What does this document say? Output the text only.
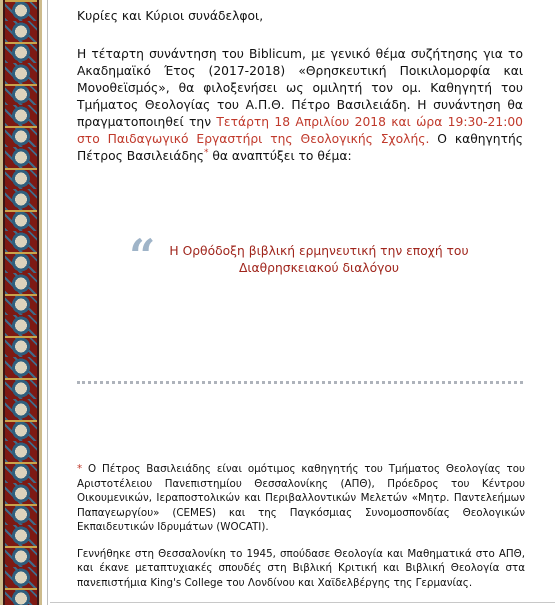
Κυρίες και Κύριοι συνάδελφοι,
Η τέταρτη συνάντηση του Biblicum, με γενικό θέμα συζήτησης για το Ακαδημαϊκό Έτος (2017-2018) «Θρησκευτική Ποικιλομορφία και Μονοθεϊσμός», θα φιλοξενήσει ως ομιλητή τον ομ. Καθηγητή του Τμήματος Θεολογίας του Α.Π.Θ. Πέτρο Βασιλειάδη. Η συνάντηση θα πραγματοποιηθεί την Τετάρτη 18 Απριλίου 2018 και ώρα 19:30-21:00 στο Παιδαγωγικό Εργαστήρι της Θεολογικής Σχολής. Ο καθηγητής Πέτρος Βασιλειάδης* θα αναπτύξει το θέμα:
“	Η Ορθόδοξη βιβλική ερμηνευτική την εποχή του Διαθρησκειακού διαλόγου

* Ο Πέτρος Βασιλειάδης είναι ομότιμος καθηγητής του Τμήματος Θεολογίας του Αριστοτέλειου Πανεπιστημίου Θεσσαλονίκης (ΑΠΘ), Πρόεδρος του Κέντρου Οικουμενικών, Ιεραποστολικών και Περιβαλλοντικών Μελετών «Μητρ. Παντελεήμων Παπαγεωργίου» (CEMES) και της Παγκόσμιας Συνομοσπονδίας Θεολογικών Εκπαιδευτικών Ιδρυμάτων (WOCATI).

Γεννήθηκε στη Θεσσαλονίκη το 1945, σπούδασε Θεολογία και Μαθηματικά στο ΑΠΘ, και έκανε μεταπτυχιακές σπουδές στη Βιβλική Κριτική και Βιβλική Θεολογία στα πανεπιστήμια King's College του Λονδίνου και Χαϊδελβέργης της Γερμανίας.
